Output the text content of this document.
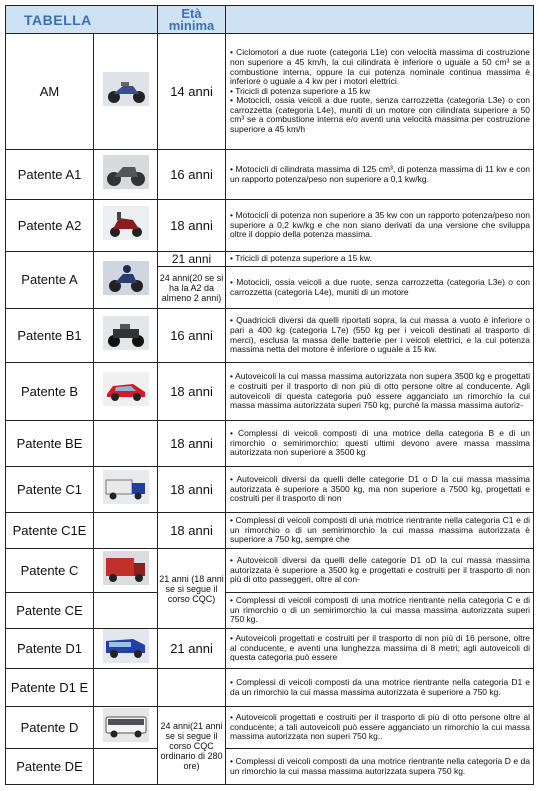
TABELLA		Età
minima	
AM		14 anni	• Ciclomotori a due ruote (categoria L1e) con velocità massima di costruzione non superiore a 45 km/h, la cui cilindrata è inferiore o uguale a 50 cm³ se a combustione interna, oppure la cui potenza nominale continua massima è inferiore o uguale a 4 kw per i motori elettrici.
• Tricicli di potenza superiore a 15 kw
• Motocicli, ossia veicoli a due ruote, senza carrozzetta (categoria L3e) o con carrozzetta (categoria L4e), muniti di un motore con cilindrata superiore a 50 cm³ se a combustione interna e/o aventi una velocità massima per costruzione superiore a 45 km/h
Patente A1		16 anni	• Motocicli di cilindrata massima di 125 cm³, di potenza massima di 11 kw e con un rapporto potenza/peso non superiore a 0,1 kw/kg.
Patente A2		18 anni	• Motocicli di potenza non superiore a 35 kw con un rapporto potenza/peso non superiore a 0,2 kw/kg e che non siano derivati da una versione che sviluppa oltre il doppio della potenza massima.
Patente A		21 anni	• Tricicli di potenza superiore a 15 kw.
		24 anni(20 se si ha la A2 da almeno 2 anni)	• Motocicli, ossia veicoli a due ruote, senza carrozzetta (categoria L3e) o con carrozzetta (categoria L4e), muniti di un motore
Patente B1		16 anni	• Quadricicli diversi da quelli riportati sopra, la cui massa a vuoto è inferiore o pari a 400 kg (categoria L7e) (550 kg per i veicoli destinati al trasporto di merci), esclusa la massa delle batterie per i veicoli elettrici, e la cui potenza massima netta del motore è inferiore o uguale a 15 kw.
Patente B		18 anni	• Autoveicoli la cui massa massima autorizzata non supera 3500 kg e progettati e costruiti per il trasporto di non più di otto persone oltre al conducente. Agli autoveicoli di questa categoria può essere agganciato un rimorchio la cui massa massima autorizzata superi 750 kg, purché la massa massima autoriz-
Patente BE		18 anni	• Complessi di veicoli composti di una motrice della categoria B e di un rimorchio o semirimorchio: questi ultimi devono avere massa massima autorizzata non superiore a 3500 kg
Patente C1		18 anni	• Autoveicoli diversi da quelli delle categorie D1 o D la cui massa massima autorizzata è superiore a 3500 kg, ma non superiore a 7500 kg, progettati e costruiti per il trasporto di non
Patente C1E		18 anni	• Complessi di veicoli composti di una motrice rientrante nella categoria C1 e di un rimorchio o di un semirimorchio la cui massa massima autorizzata è superiore a 750 kg, sempre che
Patente C		21 anni (18 anni se si segue il corso CQC)	• Autoveicoli diversi da quelli delle categorie D1 oD la cui massa massima autorizzata è superiore a 3500 kg e progettati e costruiti per il trasporto di non più di otto passeggeri, oltre al con-
Patente CE			• Complessi di veicoli composti di una motrice rientrante nella categoria C e di un rimorchio o di un semirimorchio la cui massa massima autorizzata superi 750 kg.
Patente D1		21 anni	• Autoveicoli progettati e costruiti per il trasporto di non più di 16 persone, oltre al conducente, e aventi una lunghezza massima di 8 metri; agli autoveicoli di questa categoria può essere
Patente D1 E			• Complessi di veicoli composti da una motrice rientrante nella categoria D1 e da un rimorchio la cui massa massima autorizzata è superiore a 750 kg.
Patente D		24 anni(21 anni se si segue il corso CQC ordinario di 280 ore)	• Autoveicoli progettati e costruiti per il trasporto di più di otto persone oltre al conducente; a tali autoveicoli può essere agganciato un rimorchio la cui massa massima autorizzata non superi 750 kg..
Patente DE			• Complessi di veicoli composti da una motrice rientrante nella categoria D e da un rimorchio la cui massa massima autorizzata supera 750 kg.
